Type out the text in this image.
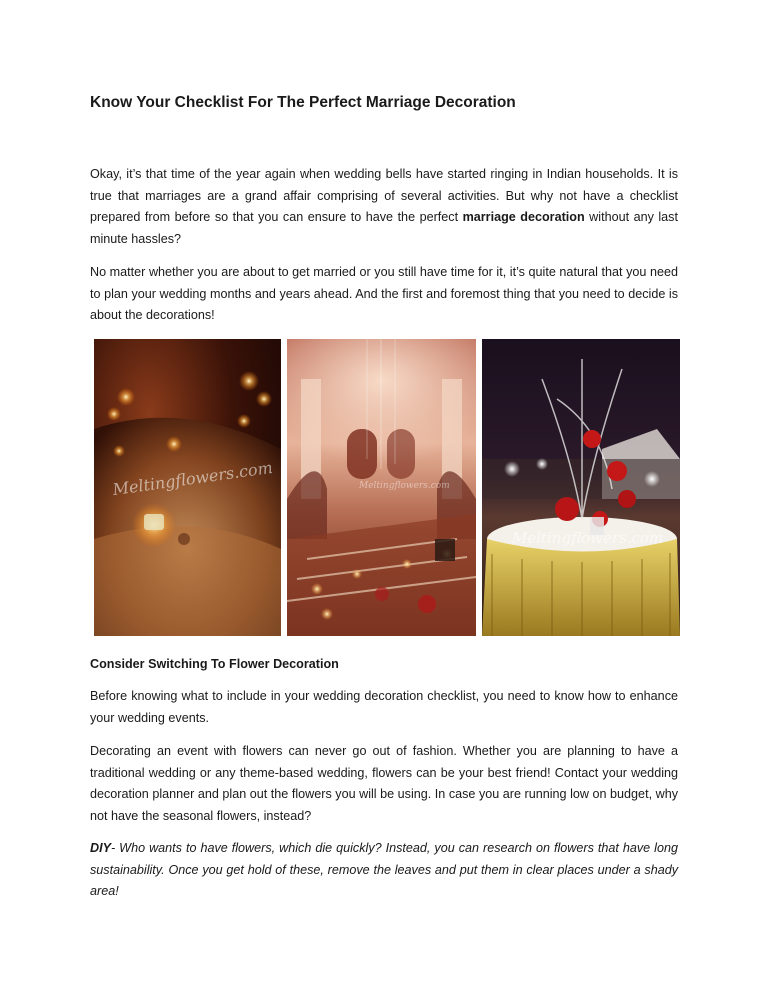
Know Your Checklist For The Perfect Marriage Decoration

Okay, it’s that time of the year again when wedding bells have started ringing in Indian households. It is true that marriages are a grand affair comprising of several activities. But why not have a checklist prepared from before so that you can ensure to have the perfect marriage decoration without any last minute hassles?

No matter whether you are about to get married or you still have time for it, it’s quite natural that you need to plan your wedding months and years ahead. And the first and foremost thing that you need to decide is about the decorations!

Meltingflowers.com	Meltingflowers.com
Meltingflowers.com
Consider Switching To Flower Decoration

Before knowing what to include in your wedding decoration checklist, you need to know how to enhance your wedding events.

Decorating an event with flowers can never go out of fashion. Whether you are planning to have a traditional wedding or any theme-based wedding, flowers can be your best friend! Contact your wedding decoration planner and plan out the flowers you will be using. In case you are running low on budget, why not have the seasonal flowers, instead?

DIY- Who wants to have flowers, which die quickly? Instead, you can research on flowers that have long sustainability. Once you get hold of these, remove the leaves and put them in clear places under a shady area!
